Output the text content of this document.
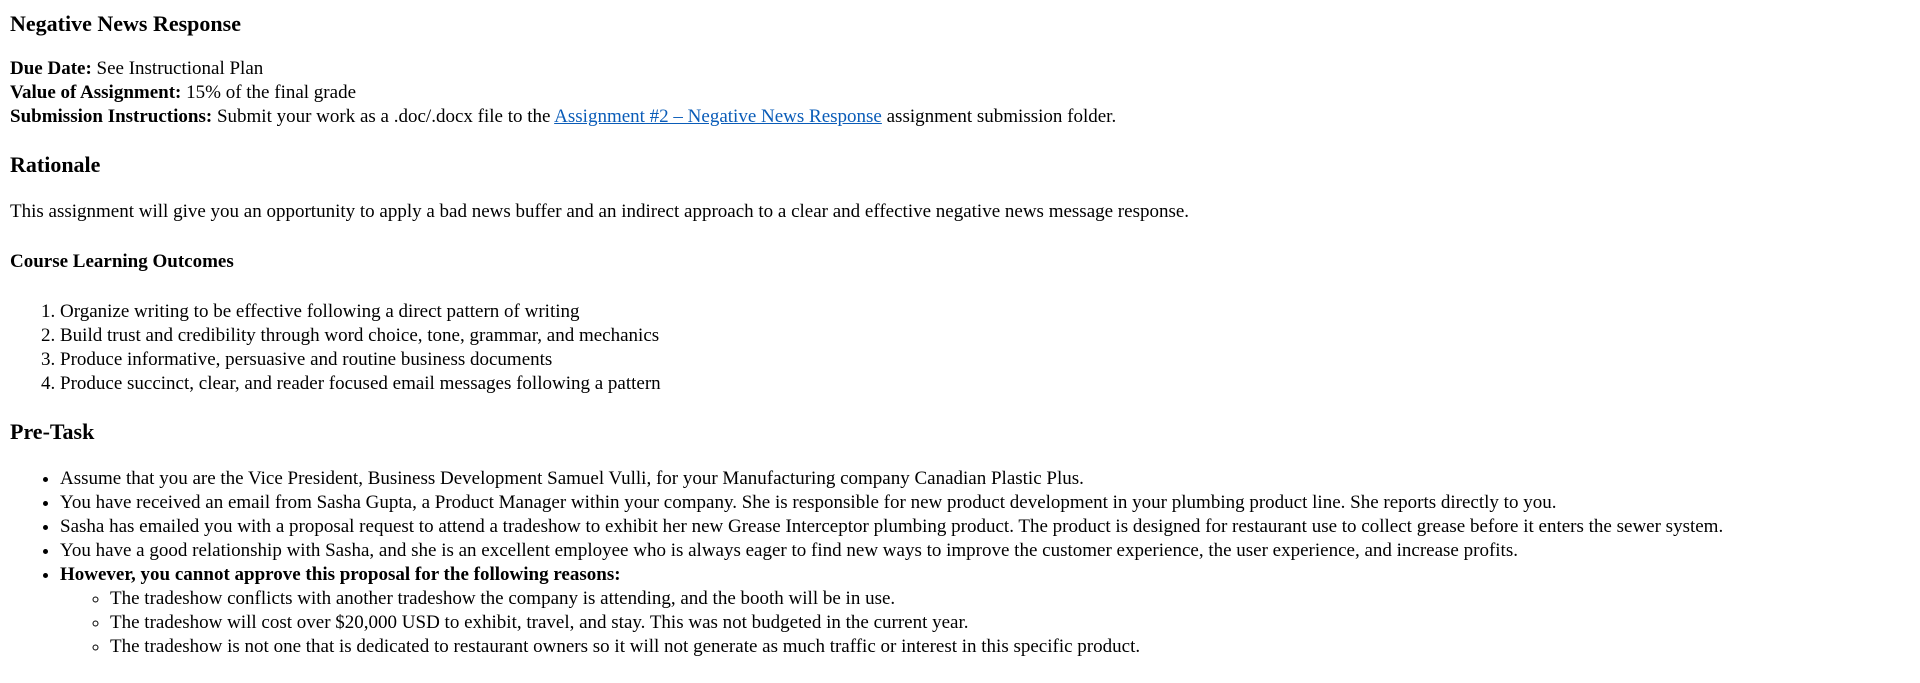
Negative News Response

Due Date: See Instructional Plan

Value of Assignment: 15% of the final grade

Submission Instructions: Submit your work as a .doc/.docx file to the Assignment #2 – Negative News Response assignment submission folder.

Rationale

This assignment will give you an opportunity to apply a bad news buffer and an indirect approach to a clear and effective negative news message response.

Course Learning Outcomes
1. Organize writing to be effective following a direct pattern of writing
2. Build trust and credibility through word choice, tone, grammar, and mechanics
3. Produce informative, persuasive and routine business documents
4. Produce succinct, clear, and reader focused email messages following a pattern
Pre-Task
• Assume that you are the Vice President, Business Development Samuel Vulli, for your Manufacturing company Canadian Plastic Plus.
• You have received an email from Sasha Gupta, a Product Manager within your company. She is responsible for new product development in your plumbing product line. She reports directly to you.
• Sasha has emailed you with a proposal request to attend a tradeshow to exhibit her new Grease Interceptor plumbing product. The product is designed for restaurant use to collect grease before it enters the sewer system.
• You have a good relationship with Sasha, and she is an excellent employee who is always eager to find new ways to improve the customer experience, the user experience, and increase profits.
• However, you cannot approve this proposal for the following reasons:
◦ The tradeshow conflicts with another tradeshow the company is attending, and the booth will be in use.
◦ The tradeshow will cost over $20,000 USD to exhibit, travel, and stay. This was not budgeted in the current year.
◦ The tradeshow is not one that is dedicated to restaurant owners so it will not generate as much traffic or interest in this specific product.
